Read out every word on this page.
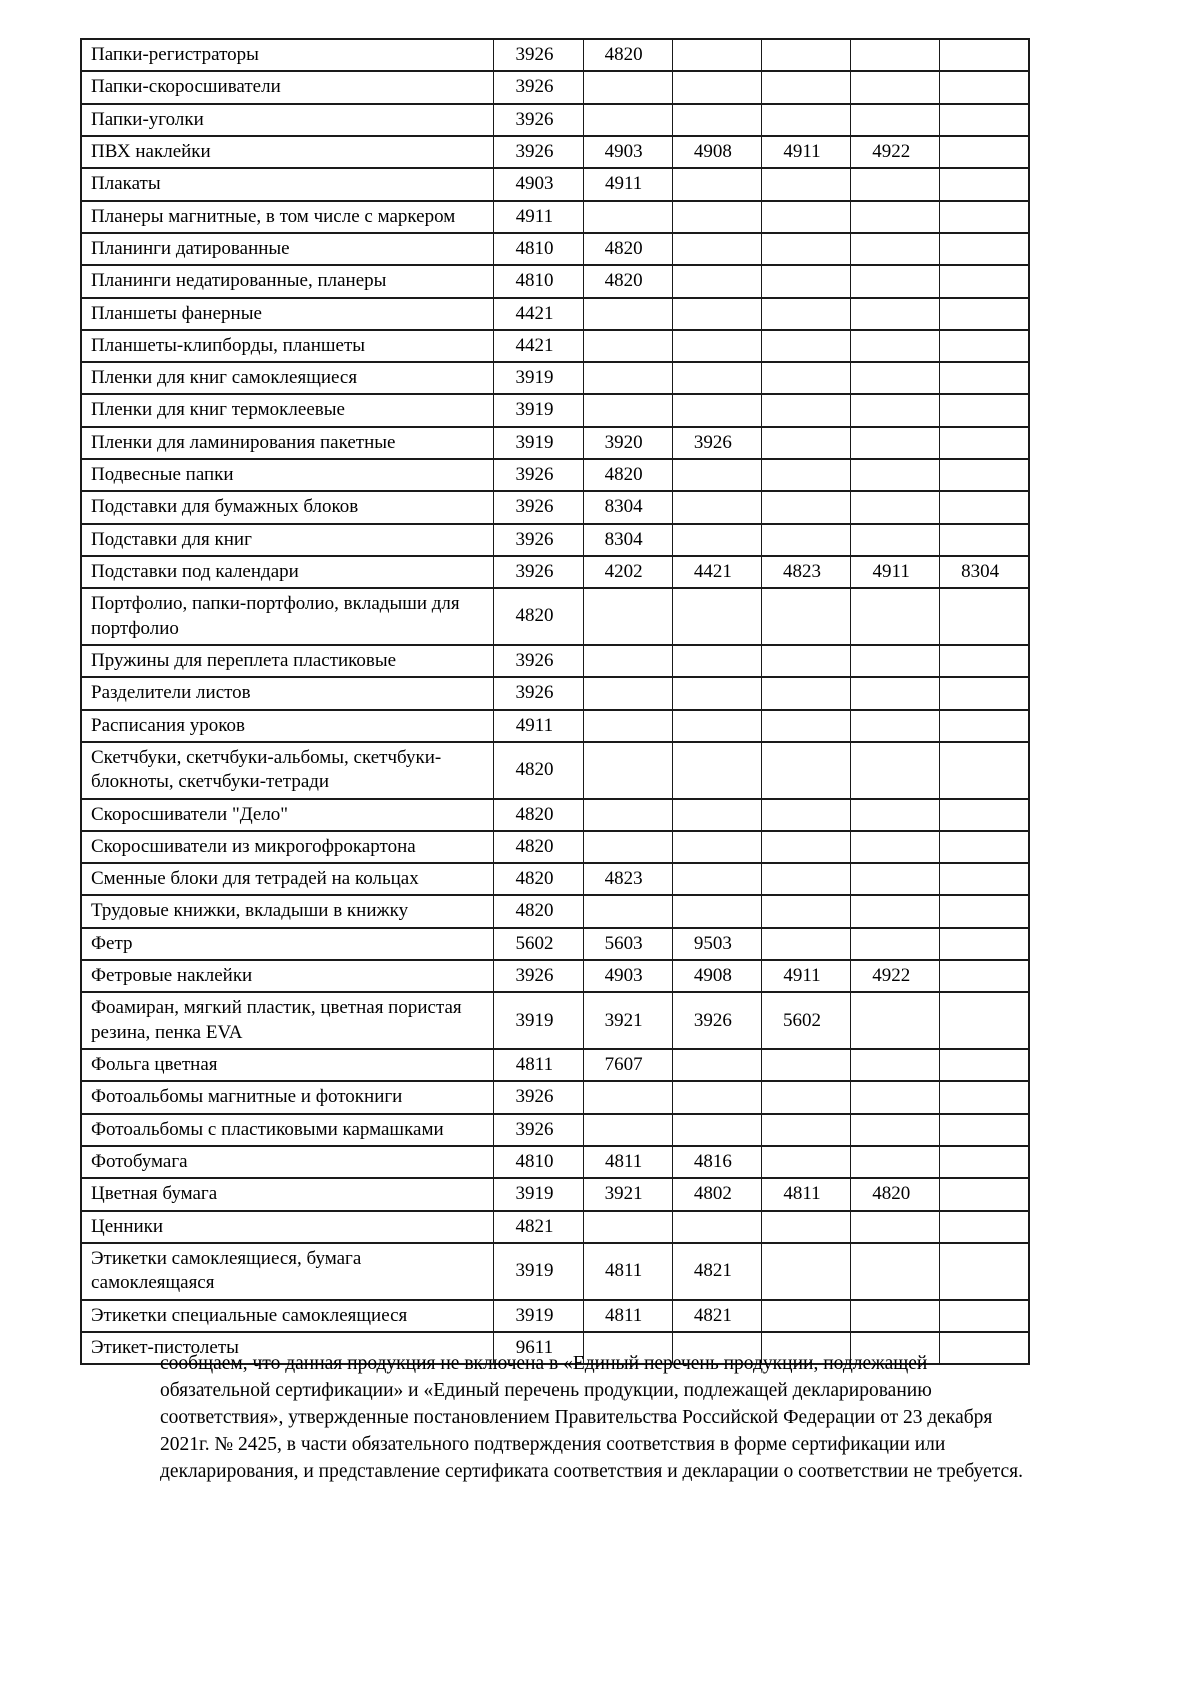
Папки-регистраторы	3926	4820				
Папки-скоросшиватели	3926					
Папки-уголки	3926					
ПВХ наклейки	3926	4903	4908	4911	4922	
Плакаты	4903	4911				
Планеры магнитные, в том числе с маркером	4911					
Планинги датированные	4810	4820				
Планинги недатированные, планеры	4810	4820				
Планшеты фанерные	4421					
Планшеты-клипборды, планшеты	4421					
Пленки для книг самоклеящиеся	3919					
Пленки для книг термоклеевые	3919					
Пленки для ламинирования пакетные	3919	3920	3926			
Подвесные папки	3926	4820				
Подставки для бумажных блоков	3926	8304				
Подставки для книг	3926	8304				
Подставки под календари	3926	4202	4421	4823	4911	8304
Портфолио, папки-портфолио, вкладыши для портфолио	4820					
Пружины для переплета пластиковые	3926					
Разделители листов	3926					
Расписания уроков	4911					
Скетчбуки, скетчбуки-альбомы, скетчбуки-блокноты, скетчбуки-тетради	4820					
Скоросшиватели "Дело"	4820					
Скоросшиватели из микрогофрокартона	4820					
Сменные блоки для тетрадей на кольцах	4820	4823				
Трудовые книжки, вкладыши в книжку	4820					
Фетр	5602	5603	9503			
Фетровые наклейки	3926	4903	4908	4911	4922	
Фоамиран, мягкий пластик, цветная пористая резина, пенка EVA	3919	3921	3926	5602		
Фольга цветная	4811	7607				
Фотоальбомы магнитные и фотокниги	3926					
Фотоальбомы с пластиковыми кармашками	3926					
Фотобумага	4810	4811	4816			
Цветная бумага	3919	3921	4802	4811	4820	
Ценники	4821					
Этикетки самоклеящиеся, бумага самоклеящаяся	3919	4811	4821			
Этикетки специальные самоклеящиеся	3919	4811	4821			
Этикет-пистолеты	9611					
сообщаем, что данная продукция не включена в «Единый перечень продукции, подлежащей обязательной сертификации» и «Единый перечень продукции, подлежащей декларированию соответствия», утвержденные постановлением Правительства Российской Федерации от 23 декабря 2021г. № 2425, в части обязательного подтверждения соответствия в форме сертификации или декларирования, и представление сертификата соответствия и декларации о соответствии не требуется.
